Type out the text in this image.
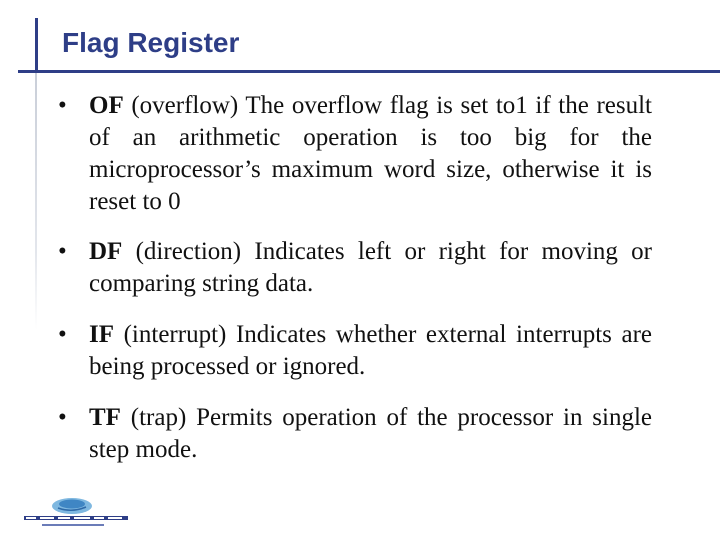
Flag Register
• OF (overflow) The overflow flag is set to1 if the result of an arithmetic operation is too big for the microprocessor’s maximum word size, otherwise it is reset to 0
• DF (direction) Indicates left or right for moving or comparing string data.
• IF (interrupt) Indicates whether external interrupts are being processed or ignored.
• TF (trap) Permits operation of the processor in single step mode.
